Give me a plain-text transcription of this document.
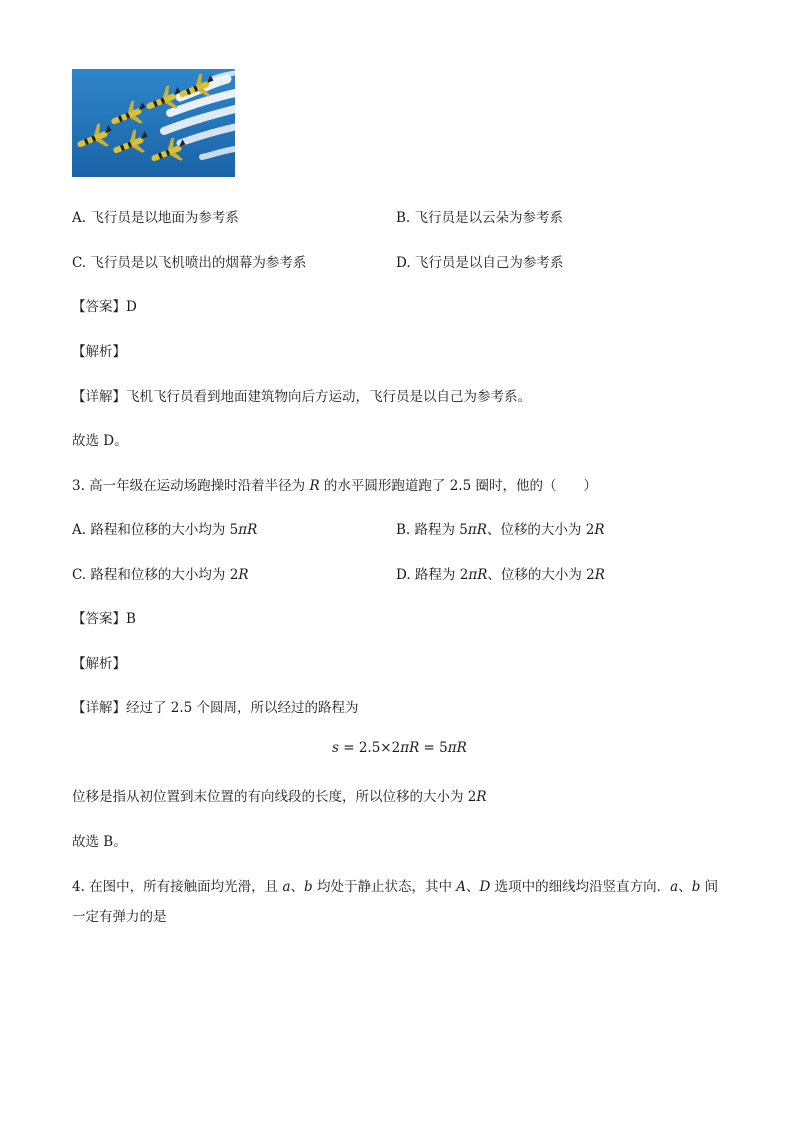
A. 飞行员是以地面为参考系	B. 飞行员是以云朵为参考系
C. 飞行员是以飞机喷出的烟幕为参考系	D. 飞行员是以自己为参考系
【答案】D
【解析】
【详解】飞机飞行员看到地面建筑物向后方运动，飞行员是以自己为参考系。
故选 D。
3. 高一年级在运动场跑操时沿着半径为 R 的水平圆形跑道跑了 2.5 圈时，他的（　　）
A. 路程和位移的大小均为 5πR	B. 路程为 5πR、位移的大小为 2R
C. 路程和位移的大小均为 2R	D. 路程为 2πR、位移的大小为 2R
【答案】B
【解析】
【详解】经过了 2.5 个圆周，所以经过的路程为
s = 2.5×2πR = 5πR
位移是指从初位置到末位置的有向线段的长度，所以位移的大小为 2R
故选 B。
4. 在图中，所有接触面均光滑，且 a、b 均处于静止状态，其中 A、D 选项中的细线均沿竖直方向．a、b 间
一定有弹力的是
